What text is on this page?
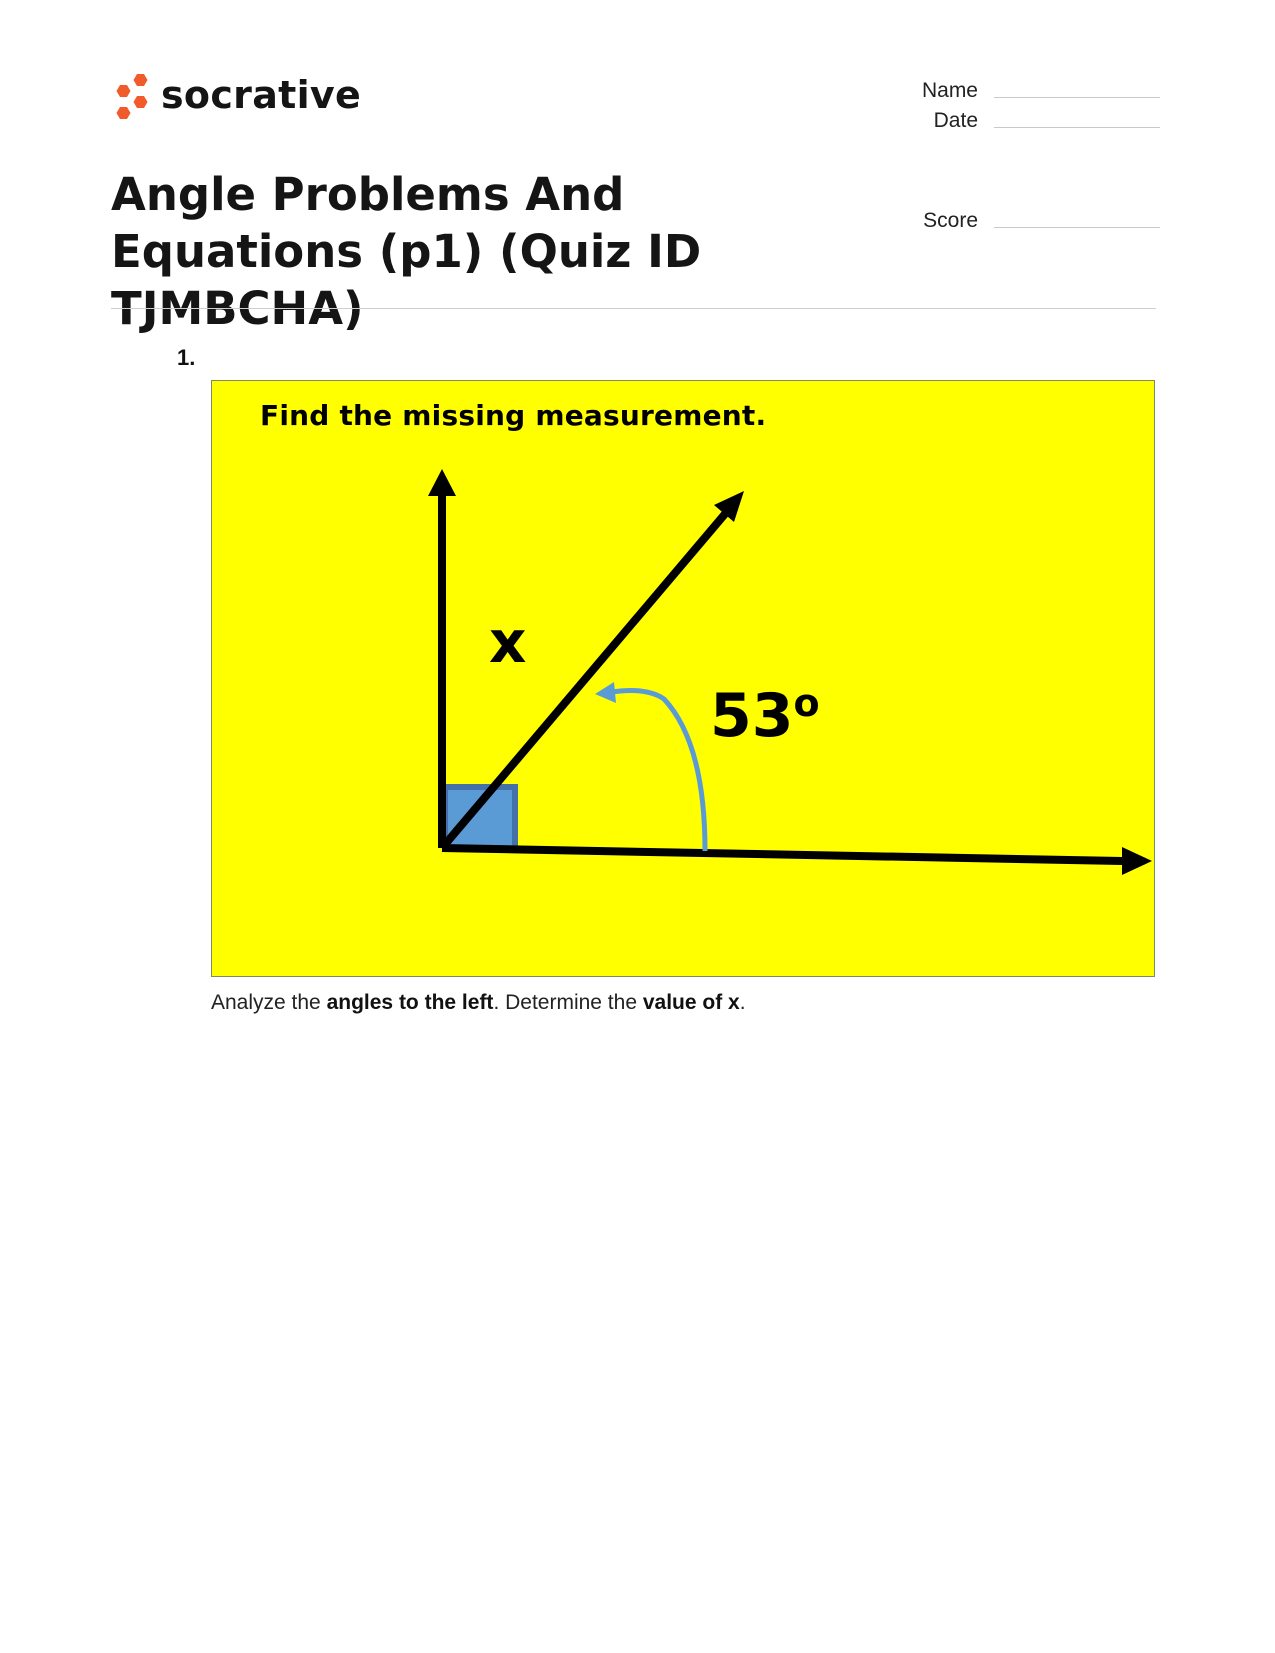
socrative	Name
Date
Score
Angle Problems And Equations (p1) (Quiz ID TJMBCHA)
1.
Find the missing measurement.
x
53$^o$
Analyze the angles to the left. Determine the value of x.
